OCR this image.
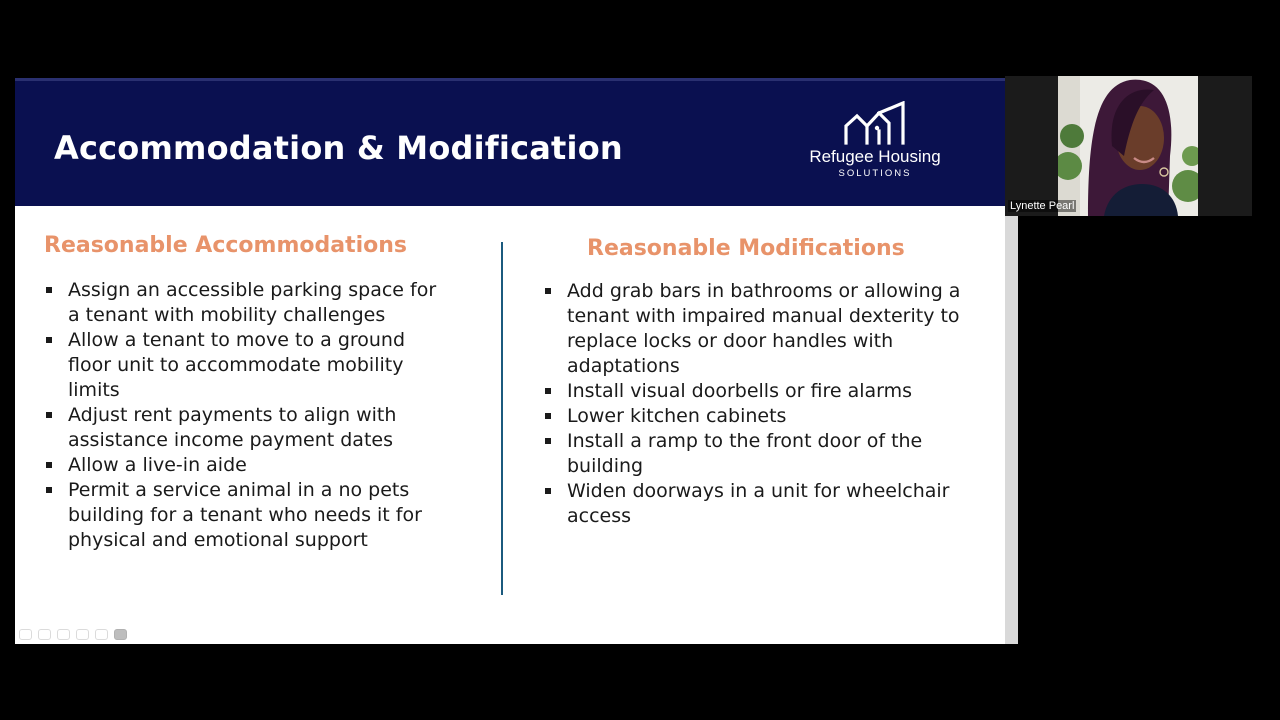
Accommodation & Modification	Refugee Housing
SOLUTIONS
Reasonable Accommodations
Assign an accessible parking space for a tenant with mobility challenges
Allow a tenant to move to a ground floor unit to accommodate mobility limits
Adjust rent payments to align with assistance income payment dates
Allow a live-in aide
Permit a service animal in a no pets building for a tenant who needs it for physical and emotional support
Reasonable Modifications
Add grab bars in bathrooms or allowing a tenant with impaired manual dexterity to replace locks or door handles with adaptations
Install visual doorbells or fire alarms
Lower kitchen cabinets
Install a ramp to the front door of the building
Widen doorways in a unit for wheelchair access
Lynette Pearl
